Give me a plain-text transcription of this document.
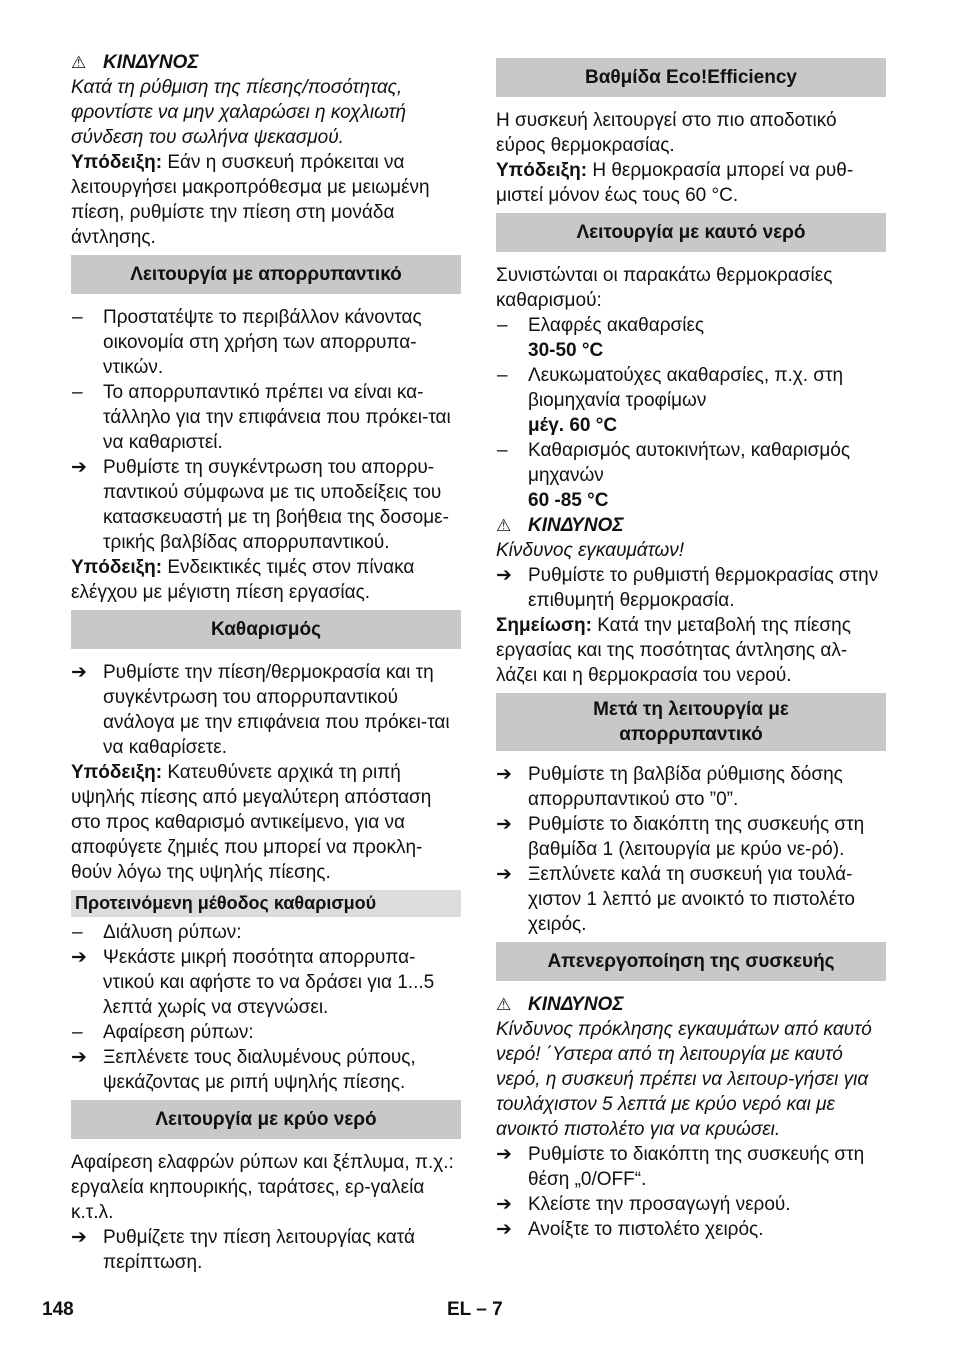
⚠ ΚΙΝΔΥΝΟΣ

Κατά τη ρύθμιση της πίεσης/ποσότητας, φροντίστε να μην χαλαρώσει η κοχλιωτή σύνδεση του σωλήνα ψεκασμού.

Υπόδειξη: Εάν η συσκευή πρόκειται να λειτουργήσει μακροπρόθεσμα με μειωμένη πίεση, ρυθμίστε την πίεση στη μονάδα άντλησης.

Λειτουργία με απορρυπαντικό
–	Προστατέψτε το περιβάλλον κάνοντας οικονομία στη χρήση των απορρυπα-ντικών.
–	Το απορρυπαντικό πρέπει να είναι κα-τάλληλο για την επιφάνεια που πρόκει-ται να καθαριστεί.
➔ Ρυθμίστε τη συγκέντρωση του απορρυ-παντικού σύμφωνα με τις υποδείξεις του κατασκευαστή με τη βοήθεια της δοσομε-τρικής βαλβίδας απορρυπαντικού.

Υπόδειξη: Ενδεικτικές τιμές στον πίνακα ελέγχου με μέγιστη πίεση εργασίας.

Καθαρισμός
➔ Ρυθμίστε την πίεση/θερμοκρασία και τη συγκέντρωση του απορρυπαντικού ανάλογα με την επιφάνεια που πρόκει-ται να καθαρίσετε.

Υπόδειξη: Κατευθύνετε αρχικά τη ριπή υψηλής πίεσης από μεγαλύτερη απόσταση στο προς καθαρισμό αντικείμενο, για να αποφύγετε ζημιές που μπορεί να προκλη-θούν λόγω της υψηλής πίεσης.

Προτεινόμενη μέθοδος καθαρισμού
–	Διάλυση ρύπων:
➔ Ψεκάστε μικρή ποσότητα απορρυπα-ντικού και αφήστε το να δράσει για 1...5 λεπτά χωρίς να στεγνώσει.
–	Αφαίρεση ρύπων:
➔ Ξεπλένετε τους διαλυμένους ρύπους, ψεκάζοντας με ριπή υψηλής πίεσης.
Λειτουργία με κρύο νερό

Αφαίρεση ελαφρών ρύπων και ξέπλυμα, π.χ.: εργαλεία κηπουρικής, ταράτσες, ερ-γαλεία κ.τ.λ.

➔ Ρυθμίζετε την πίεση λειτουργίας κατά περίπτωση.
Βαθμίδα Eco!Efficiency

Η συσκευή λειτουργεί στο πιο αποδοτικό εύρος θερμοκρασίας.

Υπόδειξη: Η θερμοκρασία μπορεί να ρυθ-μιστεί μόνον έως τους 60 °C.

Λειτουργία με καυτό νερό

Συνιστώνται οι παρακάτω θερμοκρασίες καθαρισμού:

–	Ελαφρές ακαθαρσίες
30-50 °C
–	Λευκωματούχες ακαθαρσίες, π.χ. στη βιομηχανία τροφίμων
μέγ. 60 °C
–	Καθαρισμός αυτοκινήτων, καθαρισμός μηχανών
60 -85 °C

⚠ ΚΙΝΔΥΝΟΣ

Κίνδυνος εγκαυμάτων!

➔ Ρυθμίστε το ρυθμιστή θερμοκρασίας στην επιθυμητή θερμοκρασία.

Σημείωση: Κατά την μεταβολή της πίεσης εργασίας και της ποσότητας άντλησης αλ-λάζει και η θερμοκρασία του νερού.

Μετά τη λειτουργία με απορρυπαντικό
➔ Ρυθμίστε τη βαλβίδα ρύθμισης δόσης απορρυπαντικού στο ”0”.
➔ Ρυθμίστε το διακόπτη της συσκευής στη βαθμίδα 1 (λειτουργία με κρύο νε-ρό).
➔ Ξεπλύνετε καλά τη συσκευή για τουλά-χιστον 1 λεπτό με ανοικτό το πιστολέτο χειρός.
Απενεργοποίηση της συσκευής

⚠ ΚΙΝΔΥΝΟΣ

Κίνδυνος πρόκλησης εγκαυμάτων από καυτό νερό! ΄Υστερα από τη λειτουργία με καυτό νερό, η συσκευή πρέπει να λειτουρ-γήσει για τουλάχιστον 5 λεπτά με κρύο νερό και με ανοικτό πιστολέτο για να κρυώσει.

➔ Ρυθμίστε το διακόπτη της συσκευής στη θέση „0/OFF“.
➔ Κλείστε την προσαγωγή νερού.
➔ Ανοίξτε το πιστολέτο χειρός.
148	EL – 7
